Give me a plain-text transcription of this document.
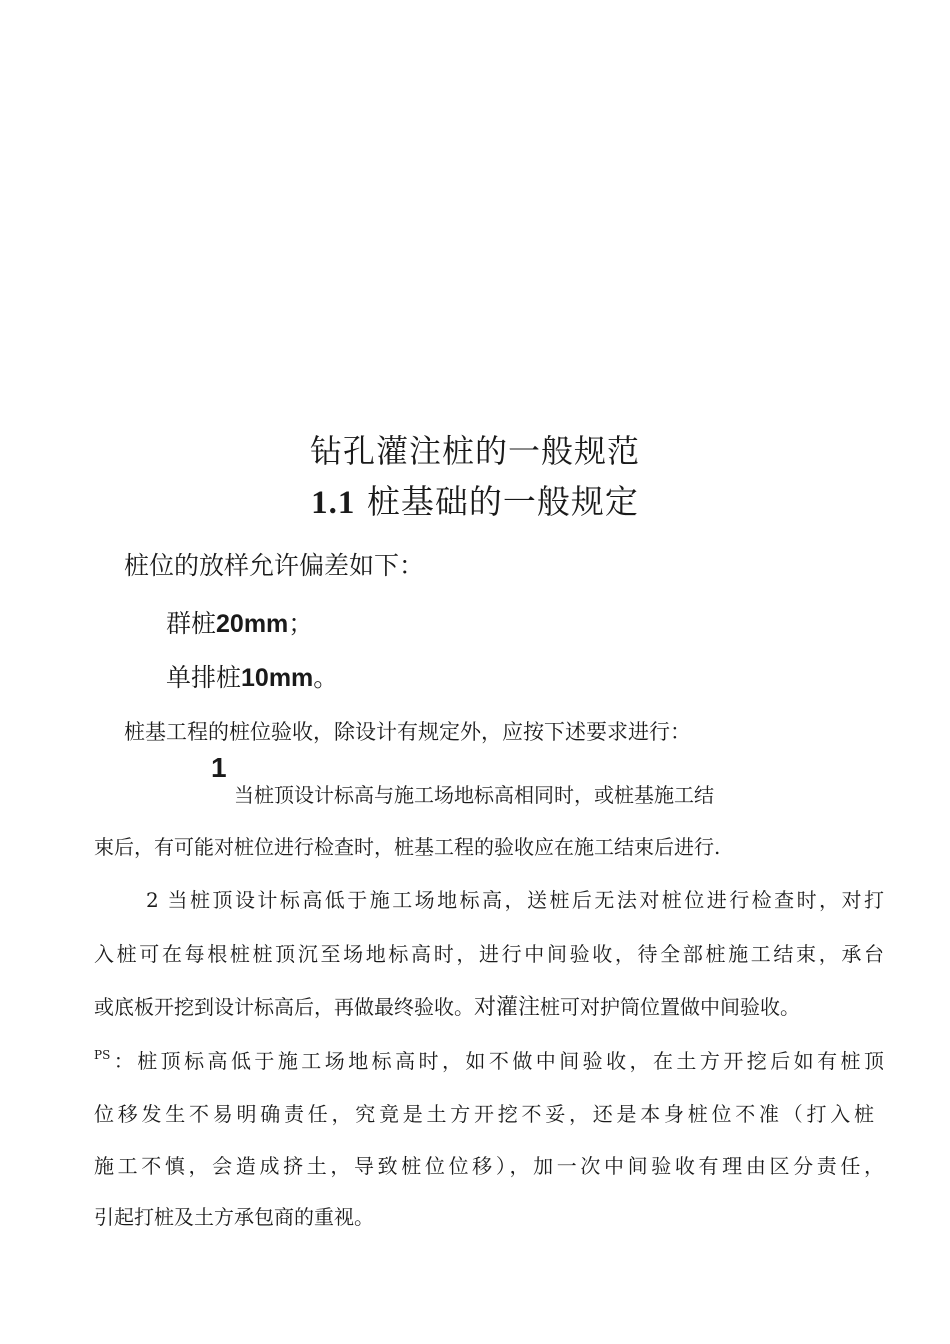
钻孔灌注桩的一般规范
1.1 桩基础的一般规定
桩位的放样允许偏差如下：
群桩20mm；
单排桩10mm。
桩基工程的桩位验收，除设计有规定外，应按下述要求进行：
1
当桩顶设计标高与施工场地标高相同时，或桩基施工结
束后，有可能对桩位进行检查时，桩基工程的验收应在施工结束后进行.
2 当桩顶设计标高低于施工场地标高，送桩后无法对桩位进行检查时，对打
入桩可在每根桩桩顶沉至场地标高时，进行中间验收，待全部桩施工结束，承台
或底板开挖到设计标高后，再做最终验收。对灌注桩可对护筒位置做中间验收。
$^{PS}$：桩顶标高低于施工场地标高时，如不做中间验收，在土方开挖后如有桩顶
位移发生不易明确责任，究竟是土方开挖不妥，还是本身桩位不准（打入桩
施工不慎，会造成挤土，导致桩位位移），加一次中间验收有理由区分责任，
引起打桩及土方承包商的重视。
